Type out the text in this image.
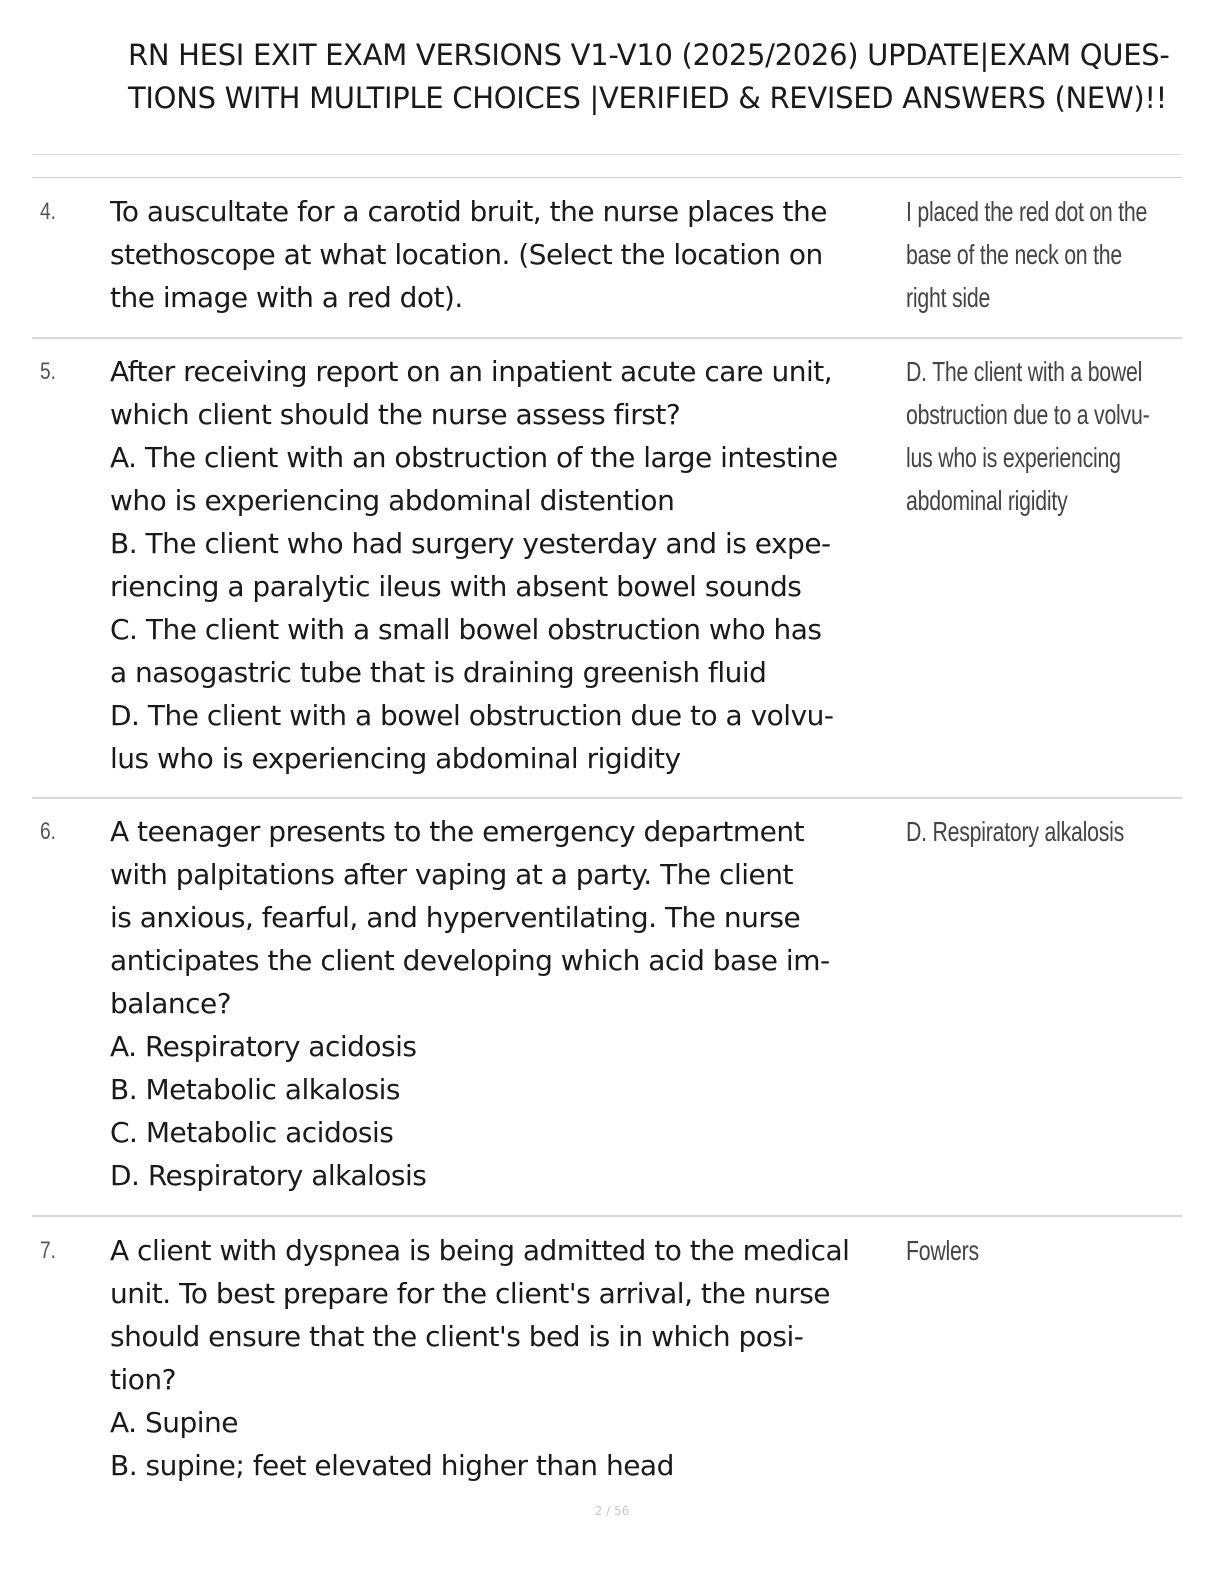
RN HESI EXIT EXAM VERSIONS V1-V10 (2025/2026) UPDATE|EXAM QUES-
TIONS WITH MULTIPLE CHOICES |VERIFIED & REVISED ANSWERS (NEW)!!
4. To auscultate for a carotid bruit, the nurse places the
stethoscope at what location. (Select the location on
the image with a red dot).
I placed the red dot on the
base of the neck on the
right side
5. After receiving report on an inpatient acute care unit,
which client should the nurse assess first?
A. The client with an obstruction of the large intestine
who is experiencing abdominal distention
B. The client who had surgery yesterday and is expe-
riencing a paralytic ileus with absent bowel sounds
C. The client with a small bowel obstruction who has
a nasogastric tube that is draining greenish fluid
D. The client with a bowel obstruction due to a volvu-
lus who is experiencing abdominal rigidity
D. The client with a bowel
obstruction due to a volvu-
lus who is experiencing
abdominal rigidity
6. A teenager presents to the emergency department
with palpitations after vaping at a party. The client
is anxious, fearful, and hyperventilating. The nurse
anticipates the client developing which acid base im-
balance?
A. Respiratory acidosis
B. Metabolic alkalosis
C. Metabolic acidosis
D. Respiratory alkalosis
D. Respiratory alkalosis
7. A client with dyspnea is being admitted to the medical
unit. To best prepare for the client's arrival, the nurse
should ensure that the client's bed is in which posi-
tion?
A. Supine
B. supine; feet elevated higher than head
Fowlers
2 / 56
